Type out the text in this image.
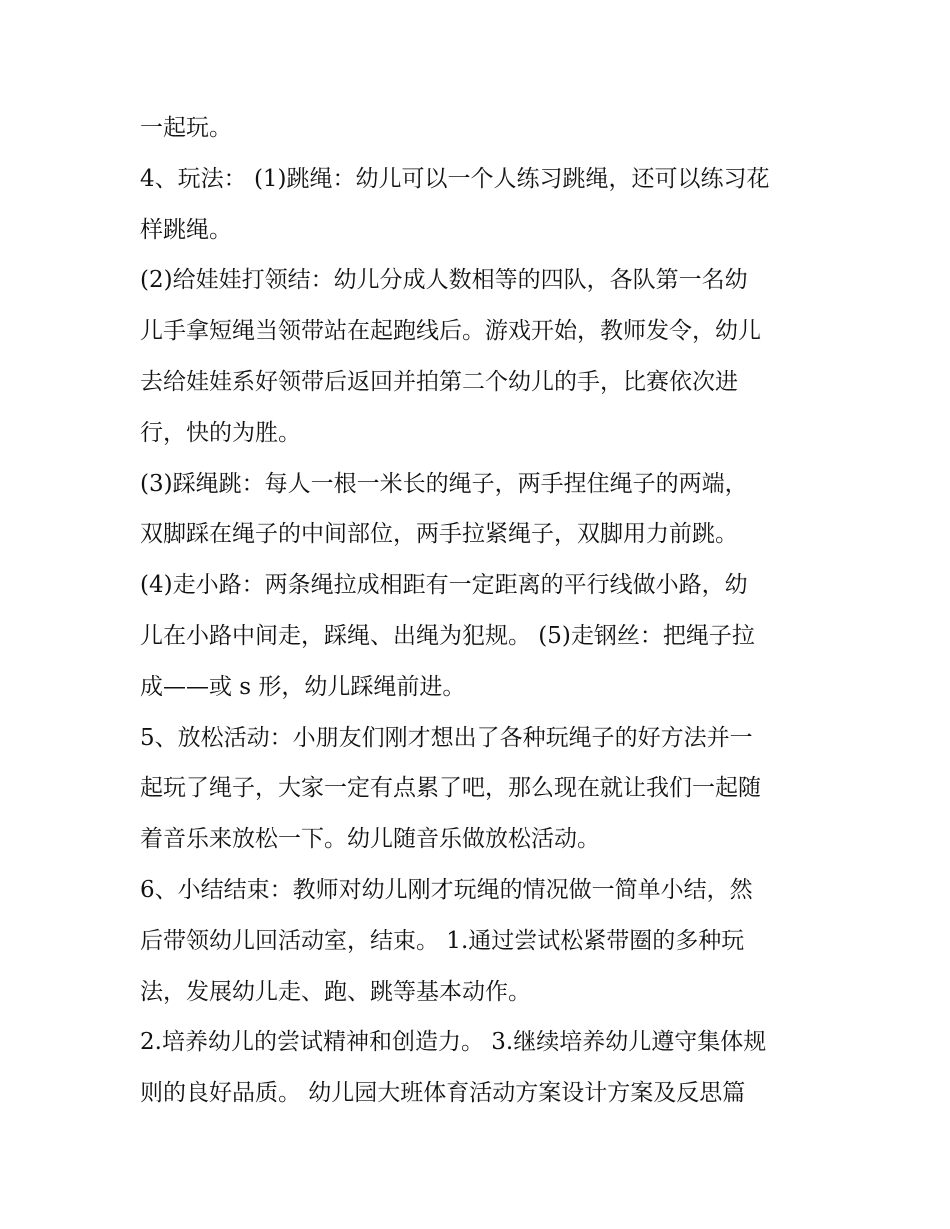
一起玩。
4、玩法： (1)跳绳：幼儿可以一个人练习跳绳，还可以练习花
样跳绳。
(2)给娃娃打领结：幼儿分成人数相等的四队，各队第一名幼
儿手拿短绳当领带站在起跑线后。游戏开始，教师发令，幼儿
去给娃娃系好领带后返回并拍第二个幼儿的手，比赛依次进
行，快的为胜。
(3)踩绳跳：每人一根一米长的绳子，两手捏住绳子的两端，
双脚踩在绳子的中间部位，两手拉紧绳子，双脚用力前跳。
(4)走小路：两条绳拉成相距有一定距离的平行线做小路，幼
儿在小路中间走，踩绳、出绳为犯规。 (5)走钢丝：把绳子拉
成——或 s 形，幼儿踩绳前进。
5、放松活动：小朋友们刚才想出了各种玩绳子的好方法并一
起玩了绳子，大家一定有点累了吧，那么现在就让我们一起随
着音乐来放松一下。幼儿随音乐做放松活动。
6、小结结束：教师对幼儿刚才玩绳的情况做一简单小结，然
后带领幼儿回活动室，结束。 1.通过尝试松紧带圈的多种玩
法，发展幼儿走、跑、跳等基本动作。
2.培养幼儿的尝试精神和创造力。 3.继续培养幼儿遵守集体规
则的良好品质。 幼儿园大班体育活动方案设计方案及反思篇
